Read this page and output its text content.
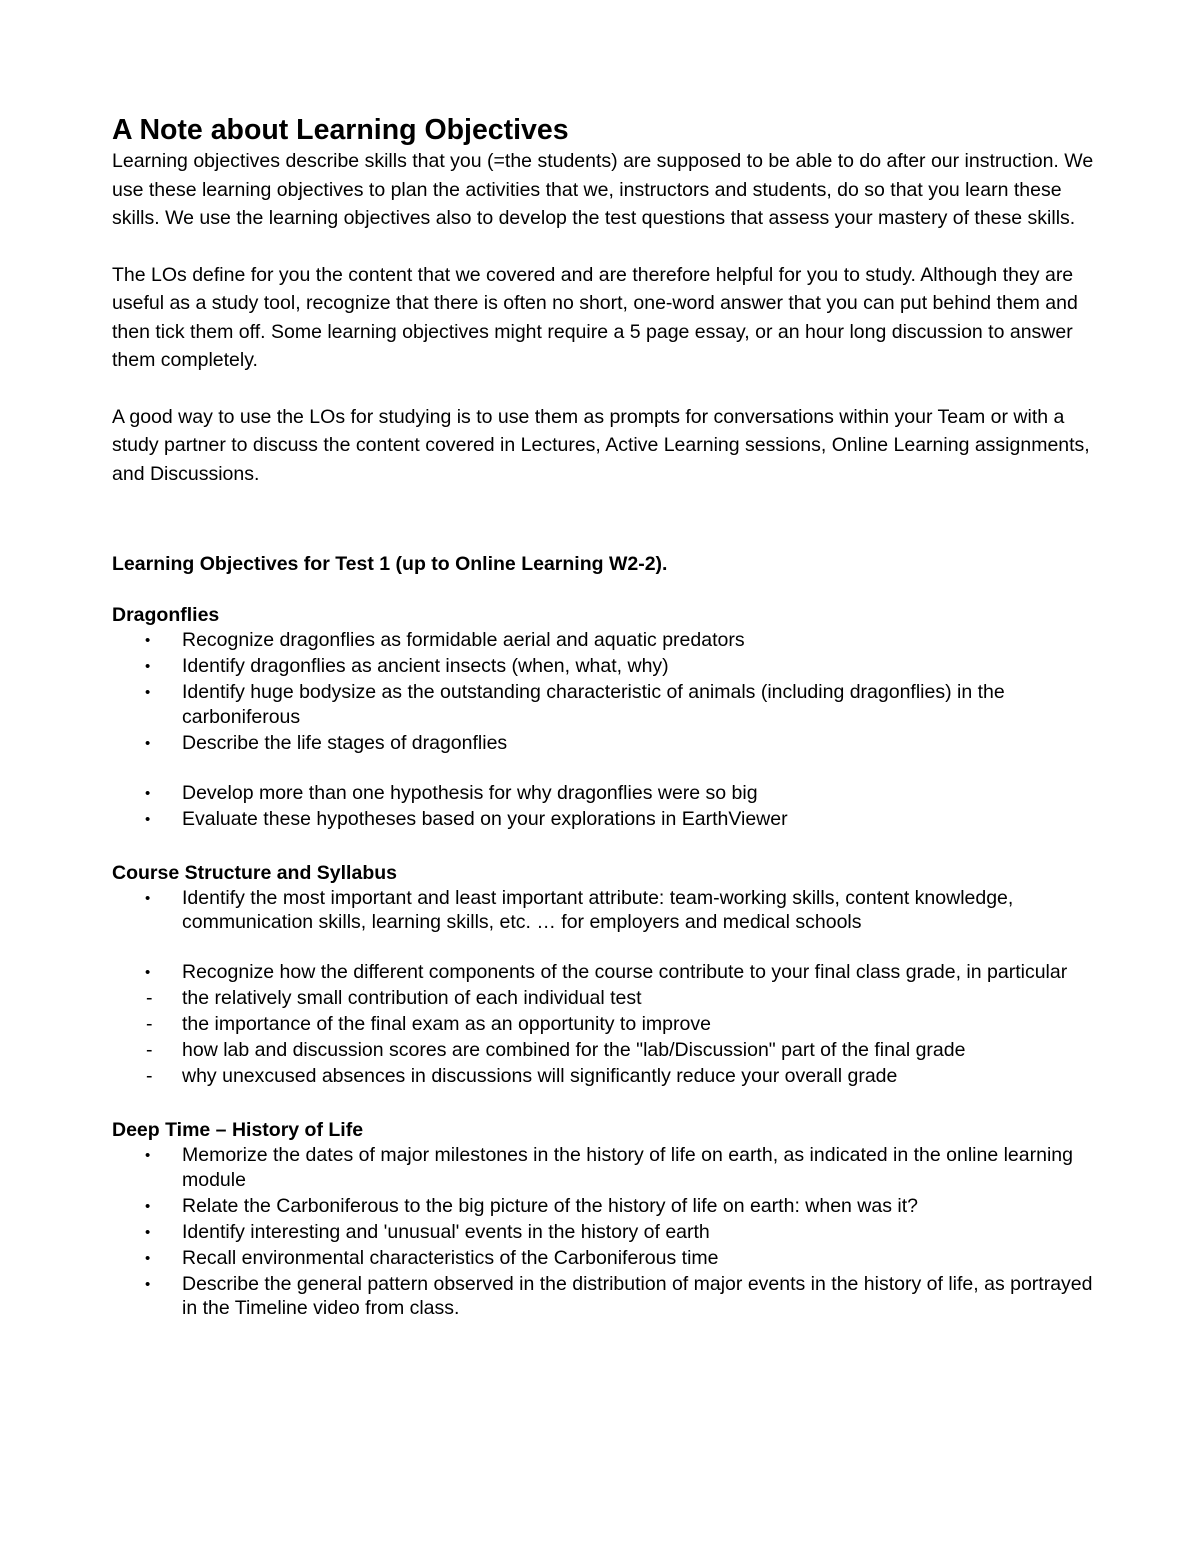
A Note about Learning Objectives

Learning objectives describe skills that you (=the students) are supposed to be able to do after our instruction. We use these learning objectives to plan the activities that we, instructors and students, do so that you learn these skills. We use the learning objectives also to develop the test questions that assess your mastery of these skills.

The LOs define for you the content that we covered and are therefore helpful for you to study. Although they are useful as a study tool, recognize that there is often no short, one-word answer that you can put behind them and then tick them off. Some learning objectives might require a 5 page essay, or an hour long discussion to answer them completely.

A good way to use the LOs for studying is to use them as prompts for conversations within your Team or with a study partner to discuss the content covered in Lectures, Active Learning sessions, Online Learning assignments, and Discussions.

Learning Objectives for Test 1 (up to Online Learning W2-2).
Dragonflies
•	Recognize dragonflies as formidable aerial and aquatic predators
•	Identify dragonflies as ancient insects (when, what, why)
•	Identify huge bodysize as the outstanding characteristic of animals (including dragonflies) in the carboniferous
•	Describe the life stages of dragonflies
•	Develop more than one hypothesis for why dragonflies were so big
•	Evaluate these hypotheses based on your explorations in EarthViewer
Course Structure and Syllabus
•	Identify the most important and least important attribute: team-working skills, content knowledge, communication skills, learning skills, etc. … for employers and medical schools
•	Recognize how the different components of the course contribute to your final class grade, in particular
-	the relatively small contribution of each individual test
-	the importance of the final exam as an opportunity to improve
-	how lab and discussion scores are combined for the "lab/Discussion" part of the final grade
-	why unexcused absences in discussions will significantly reduce your overall grade
Deep Time – History of Life
•	Memorize the dates of major milestones in the history of life on earth, as indicated in the online learning module
•	Relate the Carboniferous to the big picture of the history of life on earth: when was it?
•	Identify interesting and 'unusual' events in the history of earth
•	Recall environmental characteristics of the Carboniferous time
•	Describe the general pattern observed in the distribution of major events in the history of life, as portrayed in the Timeline video from class.
